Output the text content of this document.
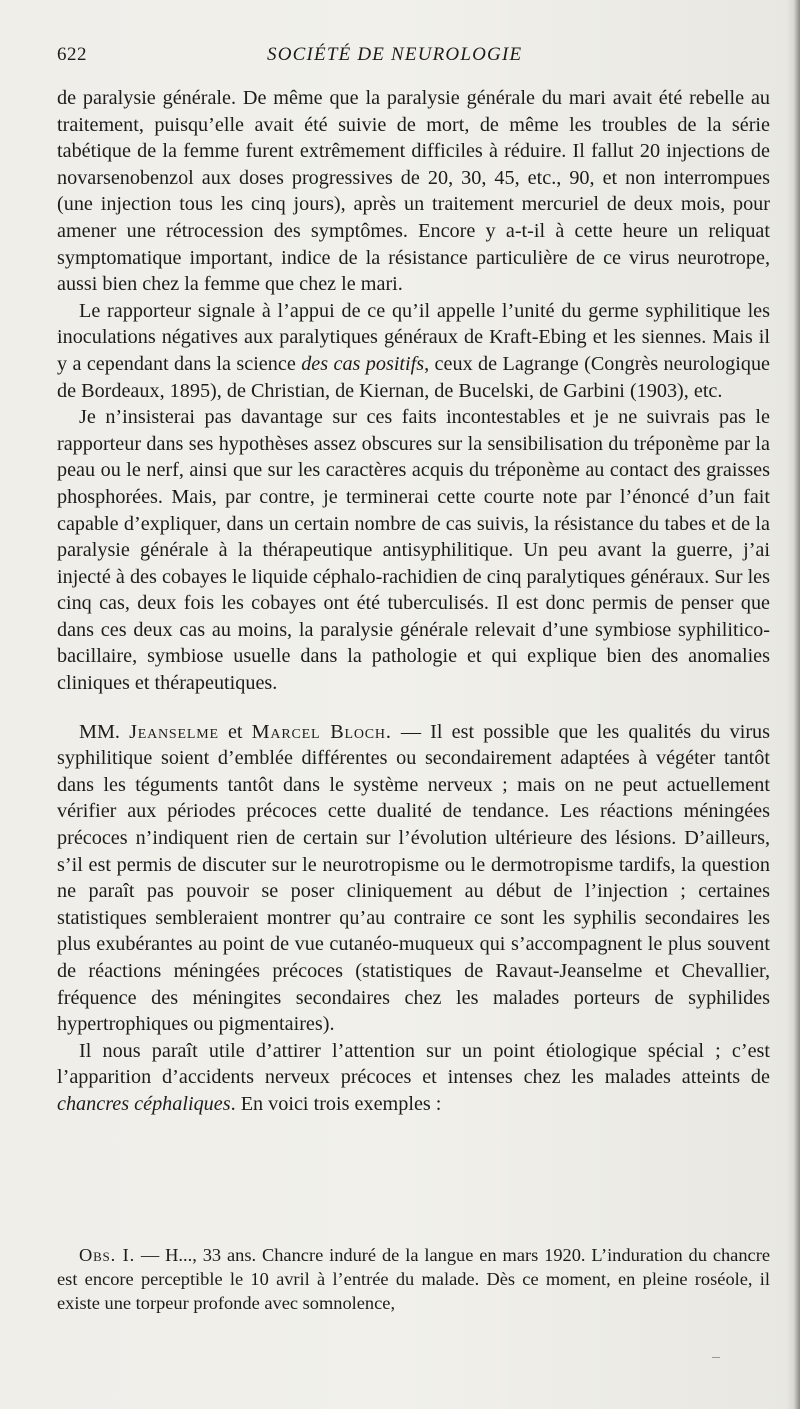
622	SOCIÉTÉ DE NEUROLOGIE

de paralysie générale. De même que la paralysie générale du mari avait été rebelle au traitement, puisqu’elle avait été suivie de mort, de même les troubles de la série tabétique de la femme furent extrêmement difficiles à réduire. Il fallut 20 injections de novarsenobenzol aux doses progressives de 20, 30, 45, etc., 90, et non interrompues (une injection tous les cinq jours), après un traitement mercuriel de deux mois, pour amener une rétrocession des symptômes. Encore y a-t-il à cette heure un reliquat symptomatique important, indice de la résistance particulière de ce virus neurotrope, aussi bien chez la femme que chez le mari.

Le rapporteur signale à l’appui de ce qu’il appelle l’unité du germe syphilitique les inoculations négatives aux paralytiques généraux de Kraft-Ebing et les siennes. Mais il y a cependant dans la science des cas positifs, ceux de Lagrange (Congrès neurologique de Bordeaux, 1895), de Christian, de Kiernan, de Bucelski, de Garbini (1903), etc.

Je n’insisterai pas davantage sur ces faits incontestables et je ne suivrais pas le rapporteur dans ses hypothèses assez obscures sur la sensibilisation du tréponème par la peau ou le nerf, ainsi que sur les caractères acquis du tréponème au contact des graisses phosphorées. Mais, par contre, je terminerai cette courte note par l’énoncé d’un fait capable d’expliquer, dans un certain nombre de cas suivis, la résistance du tabes et de la paralysie générale à la thérapeutique antisyphilitique. Un peu avant la guerre, j’ai injecté à des cobayes le liquide céphalo-rachidien de cinq paralytiques généraux. Sur les cinq cas, deux fois les cobayes ont été tuberculisés. Il est donc permis de penser que dans ces deux cas au moins, la paralysie générale relevait d’une symbiose syphilitico-bacillaire, symbiose usuelle dans la pathologie et qui explique bien des anomalies cliniques et thérapeutiques.

MM. Jeanselme et Marcel Bloch. — Il est possible que les qualités du virus syphilitique soient d’emblée différentes ou secondairement adaptées à végéter tantôt dans les téguments tantôt dans le système nerveux ; mais on ne peut actuellement vérifier aux périodes précoces cette dualité de tendance. Les réactions méningées précoces n’indiquent rien de certain sur l’évolution ultérieure des lésions. D’ailleurs, s’il est permis de discuter sur le neurotropisme ou le dermotropisme tardifs, la question ne paraît pas pouvoir se poser cliniquement au début de l’injection ; certaines statistiques sembleraient montrer qu’au contraire ce sont les syphilis secondaires les plus exubérantes au point de vue cutanéo-muqueux qui s’accompagnent le plus souvent de réactions méningées précoces (statistiques de Ravaut-Jeanselme et Chevallier, fréquence des méningites secondaires chez les malades porteurs de syphilides hypertrophiques ou pigmentaires).

Il nous paraît utile d’attirer l’attention sur un point étiologique spécial ; c’est l’apparition d’accidents nerveux précoces et intenses chez les malades atteints de chancres céphaliques. En voici trois exemples :

Obs. I. — H..., 33 ans. Chancre induré de la langue en mars 1920. L’induration du chancre est encore perceptible le 10 avril à l’entrée du malade. Dès ce moment, en pleine roséole, il existe une torpeur profonde avec somnolence,
